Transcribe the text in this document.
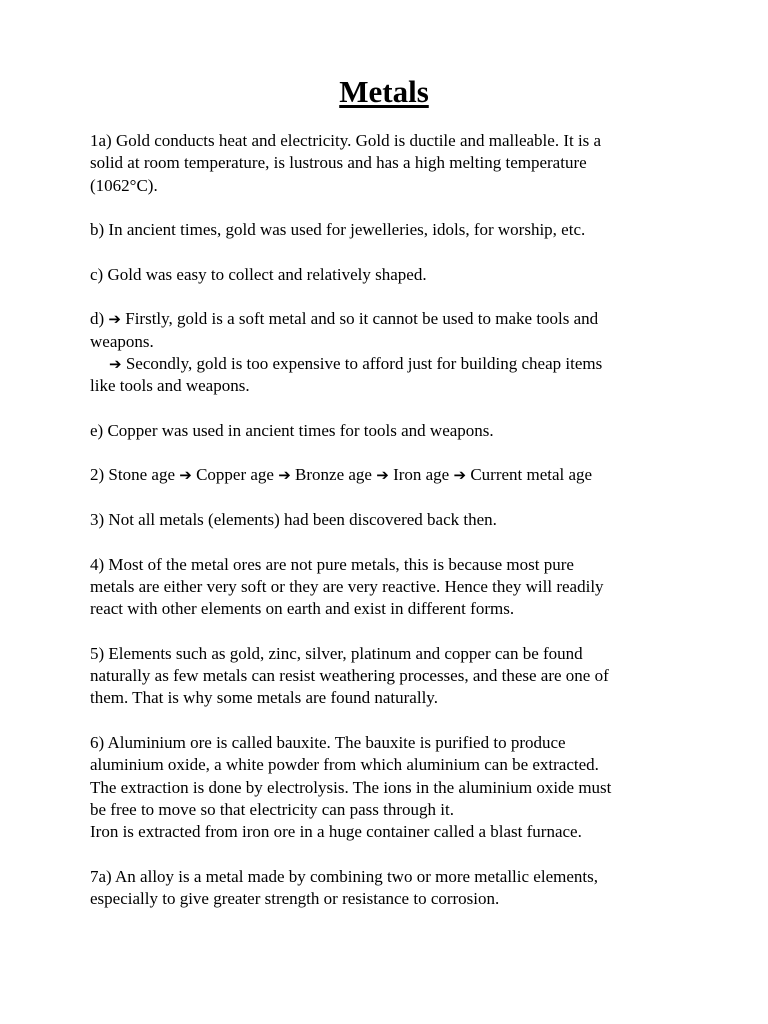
Metals

1a) Gold conducts heat and electricity. Gold is ductile and malleable. It is a
solid at room temperature, is lustrous and has a high melting temperature
(1062°C).

b) In ancient times, gold was used for jewelleries, idols, for worship, etc.

c) Gold was easy to collect and relatively shaped.

d) ➔ Firstly, gold is a soft metal and so it cannot be used to make tools and
weapons.
➔ Secondly, gold is too expensive to afford just for building cheap items
like tools and weapons.

e) Copper was used in ancient times for tools and weapons.

2) Stone age ➔ Copper age ➔ Bronze age ➔ Iron age ➔ Current metal age

3) Not all metals (elements) had been discovered back then.

4) Most of the metal ores are not pure metals, this is because most pure
metals are either very soft or they are very reactive. Hence they will readily
react with other elements on earth and exist in different forms.

5) Elements such as gold, zinc, silver, platinum and copper can be found
naturally as few metals can resist weathering processes, and these are one of
them. That is why some metals are found naturally.

6) Aluminium ore is called bauxite. The bauxite is purified to produce
aluminium oxide, a white powder from which aluminium can be extracted.
The extraction is done by electrolysis. The ions in the aluminium oxide must
be free to move so that electricity can pass through it.
Iron is extracted from iron ore in a huge container called a blast furnace.

7a) An alloy is a metal made by combining two or more metallic elements,
especially to give greater strength or resistance to corrosion.
